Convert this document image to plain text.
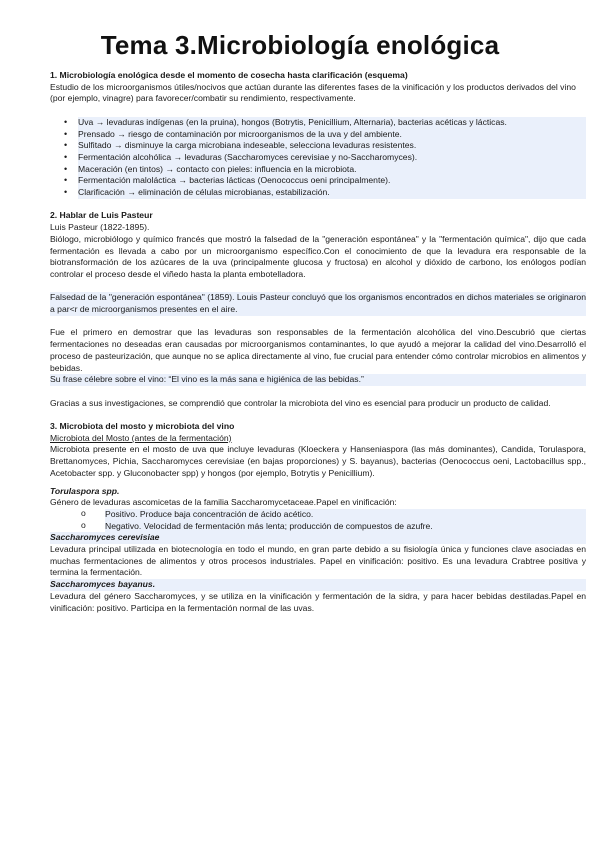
Tema 3.Microbiología enológica

1. Microbiología enológica desde el momento de cosecha hasta clarificación (esquema)

Estudio de los microorganismos útiles/nocivos que actúan durante las diferentes fases de la vinificación y los productos derivados del vino (por ejemplo, vinagre) para favorecer/combatir su rendimiento, respectivamente.

• Uva → levaduras indígenas (en la pruina), hongos (Botrytis, Penicillium, Alternaria), bacterias acéticas y lácticas.
• Prensado → riesgo de contaminación por microorganismos de la uva y del ambiente.
• Sulfitado → disminuye la carga microbiana indeseable, selecciona levaduras resistentes.
• Fermentación alcohólica → levaduras (Saccharomyces cerevisiae y no-Saccharomyces).
• Maceración (en tintos) → contacto con pieles: influencia en la microbiota.
• Fermentación maloláctica → bacterias lácticas (Oenococcus oeni principalmente).
• Clarificación → eliminación de células microbianas, estabilización.

2. Hablar de Luis Pasteur

Luis Pasteur (1822-1895).

Biólogo, microbiólogo y químico francés que mostró la falsedad de la "generación espontánea" y la "fermentación química", dijo que cada fermentación es llevada a cabo por un microorganismo específico.Con el conocimiento de que la levadura era responsable de la biotransformación de los azúcares de la uva (principalmente glucosa y fructosa) en alcohol y dióxido de carbono, los enólogos podían controlar el proceso desde el viñedo hasta la planta embotelladora.

Falsedad de la "generación espontánea" (1859). Louis Pasteur concluyó que los organismos encontrados en dichos materiales se originaron a par<r de microorganismos presentes en el aire.

Fue el primero en demostrar que las levaduras son responsables de la fermentación alcohólica del vino.Descubrió que ciertas fermentaciones no deseadas eran causadas por microorganismos contaminantes, lo que ayudó a mejorar la calidad del vino.Desarrolló el proceso de pasteurización, que aunque no se aplica directamente al vino, fue crucial para entender cómo controlar microbios en alimentos y bebidas.

Su frase célebre sobre el vino: “El vino es la más sana e higiénica de las bebidas.”

Gracias a sus investigaciones, se comprendió que controlar la microbiota del vino es esencial para producir un producto de calidad.

3. Microbiota del mosto y microbiota del vino

Microbiota del Mosto (antes de la fermentación)

Microbiota presente en el mosto de uva que incluye levaduras (Kloeckera y Hanseniaspora (las más dominantes), Candida, Torulaspora, Brettanomyces, Pichia, Saccharomyces cerevisiae (en bajas proporciones) y S. bayanus), bacterias (Oenococcus oeni, Lactobacillus spp., Acetobacter spp. y Gluconobacter spp) y hongos (por ejemplo, Botrytis y Penicillium).

Torulaspora spp.

Género de levaduras ascomicetas de la familia Saccharomycetaceae.Papel en vinificación:

o Positivo. Produce baja concentración de ácido acético.
o Negativo. Velocidad de fermentación más lenta; producción de compuestos de azufre.

Saccharomyces cerevisiae

Levadura principal utilizada en biotecnología en todo el mundo, en gran parte debido a su fisiología única y funciones clave asociadas en muchas fermentaciones de alimentos y otros procesos industriales. Papel en vinificación: positivo. Es una levadura Crabtree positiva y termina la fermentación.

Saccharomyces bayanus.

Levadura del género Saccharomyces, y se utiliza en la vinificación y fermentación de la sidra, y para hacer bebidas destiladas.Papel en vinificación: positivo. Participa en la fermentación normal de las uvas.
